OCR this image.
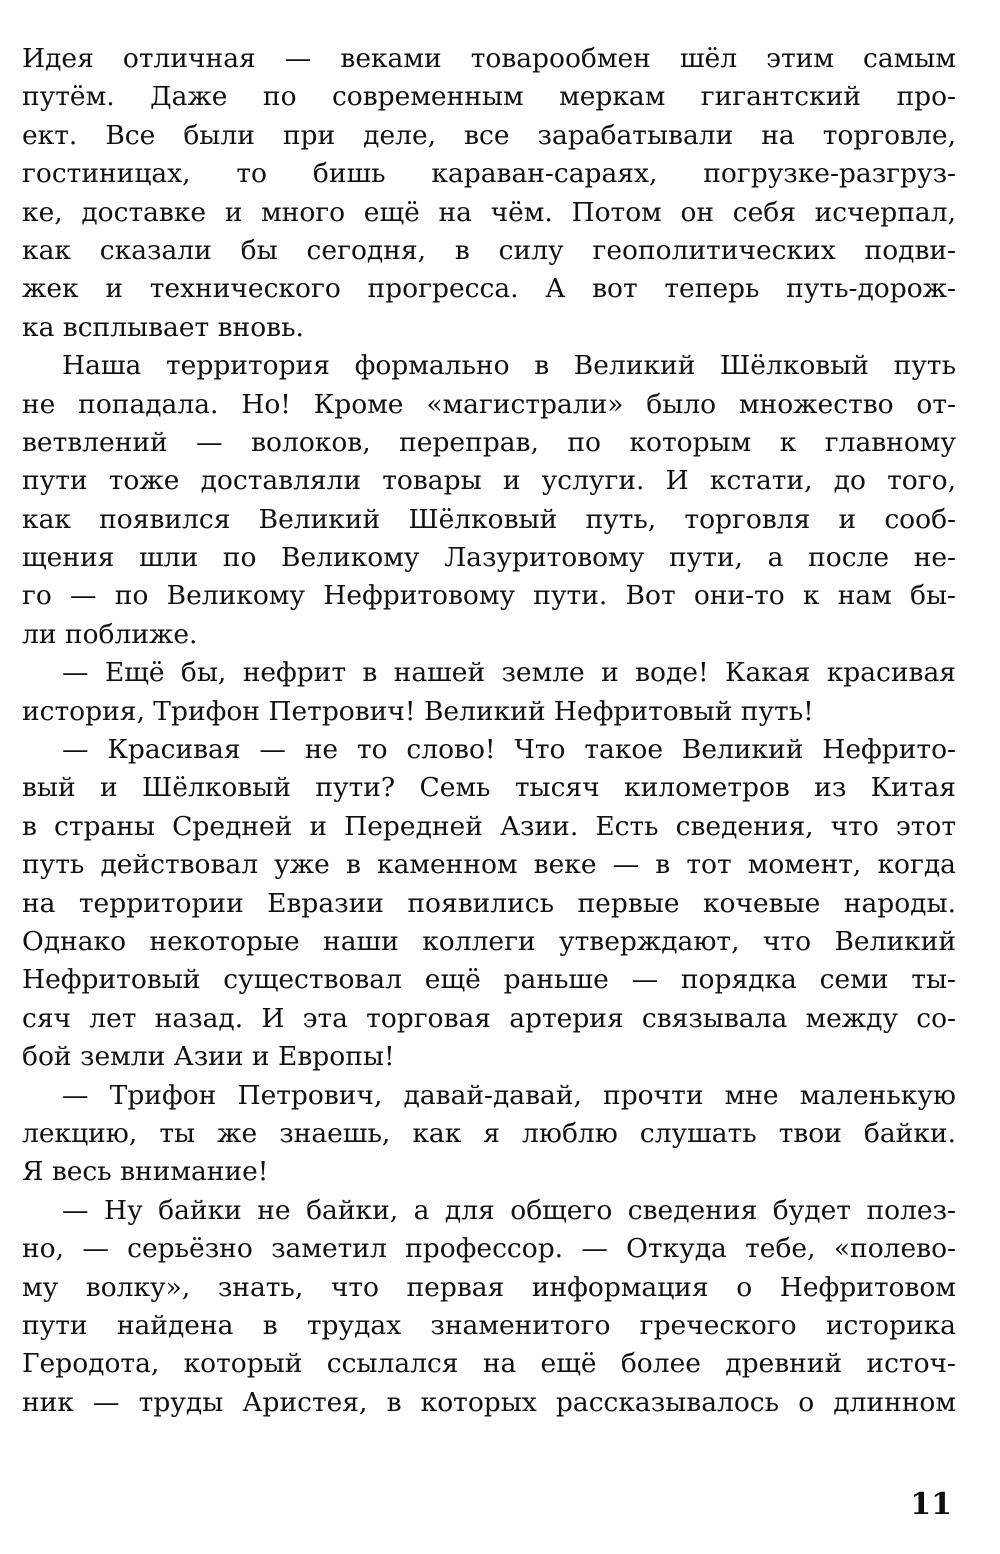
Идея отличная — веками товарообмен шёл этим самым
путём. Даже по современным меркам гигантский про-
ект. Все были при деле, все зарабатывали на торговле,
гостиницах, то бишь караван-сараях, погрузке-разгруз-
ке, доставке и много ещё на чём. Потом он себя исчерпал,
как сказали бы сегодня, в силу геополитических подви-
жек и технического прогресса. А вот теперь путь-дорож-
ка всплывает вновь.
Наша территория формально в Великий Шёлковый путь
не попадала. Но! Кроме «магистрали» было множество от-
ветвлений — волоков, переправ, по которым к главному
пути тоже доставляли товары и услуги. И кстати, до того,
как появился Великий Шёлковый путь, торговля и сооб-
щения шли по Великому Лазуритовому пути, а после не-
го — по Великому Нефритовому пути. Вот они-то к нам бы-
ли поближе.
— Ещё бы, нефрит в нашей земле и воде! Какая красивая
история, Трифон Петрович! Великий Нефритовый путь!
— Красивая — не то слово! Что такое Великий Нефрито-
вый и Шёлковый пути? Семь тысяч километров из Китая
в страны Средней и Передней Азии. Есть сведения, что этот
путь действовал уже в каменном веке — в тот момент, когда
на территории Евразии появились первые кочевые народы.
Однако некоторые наши коллеги утверждают, что Великий
Нефритовый существовал ещё раньше — порядка семи ты-
сяч лет назад. И эта торговая артерия связывала между со-
бой земли Азии и Европы!
— Трифон Петрович, давай-давай, прочти мне маленькую
лекцию, ты же знаешь, как я люблю слушать твои байки.
Я весь внимание!
— Ну байки не байки, а для общего сведения будет полез-
но, — серьёзно заметил профессор. — Откуда тебе, «полево-
му волку», знать, что первая информация о Нефритовом
пути найдена в трудах знаменитого греческого историка
Геродота, который ссылался на ещё более древний источ-
ник — труды Аристея, в которых рассказывалось о длинном
11
